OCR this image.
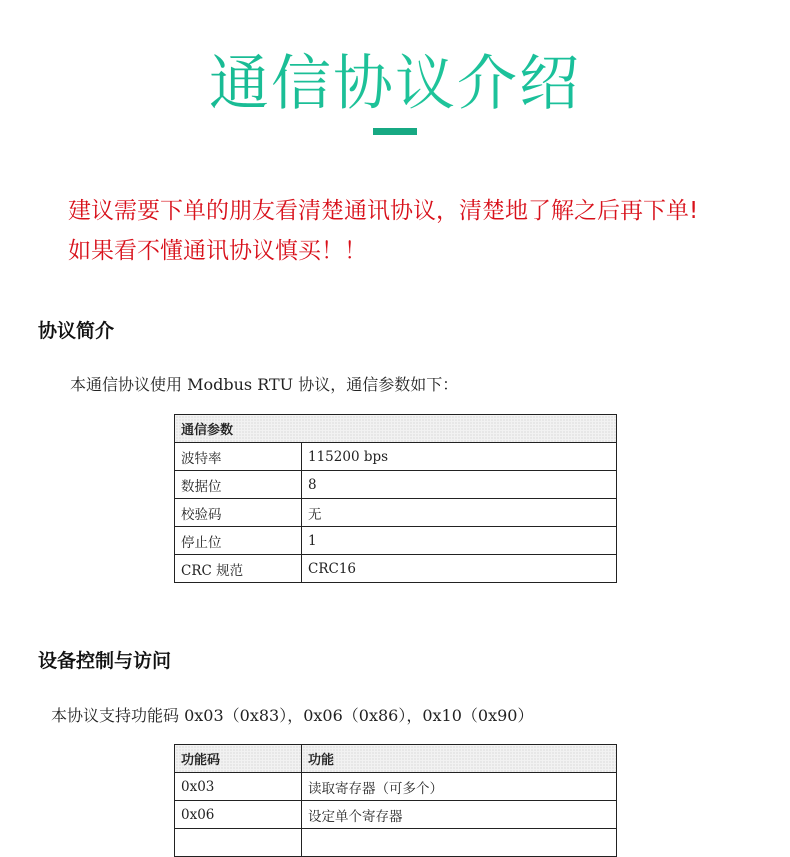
通信协议介绍
建议需要下单的朋友看清楚通讯协议，清楚地了解之后再下单!
如果看不懂通讯协议慎买！！
协议简介
本通信协议使用 Modbus RTU 协议，通信参数如下：
通信参数	
波特率	115200 bps
数据位	8
校验码	无
停止位	1
CRC 规范	CRC16
设备控制与访问
本协议支持功能码 0x03（0x83），0x06（0x86），0x10（0x90）
功能码	功能
0x03	读取寄存器（可多个）
0x06	设定单个寄存器
